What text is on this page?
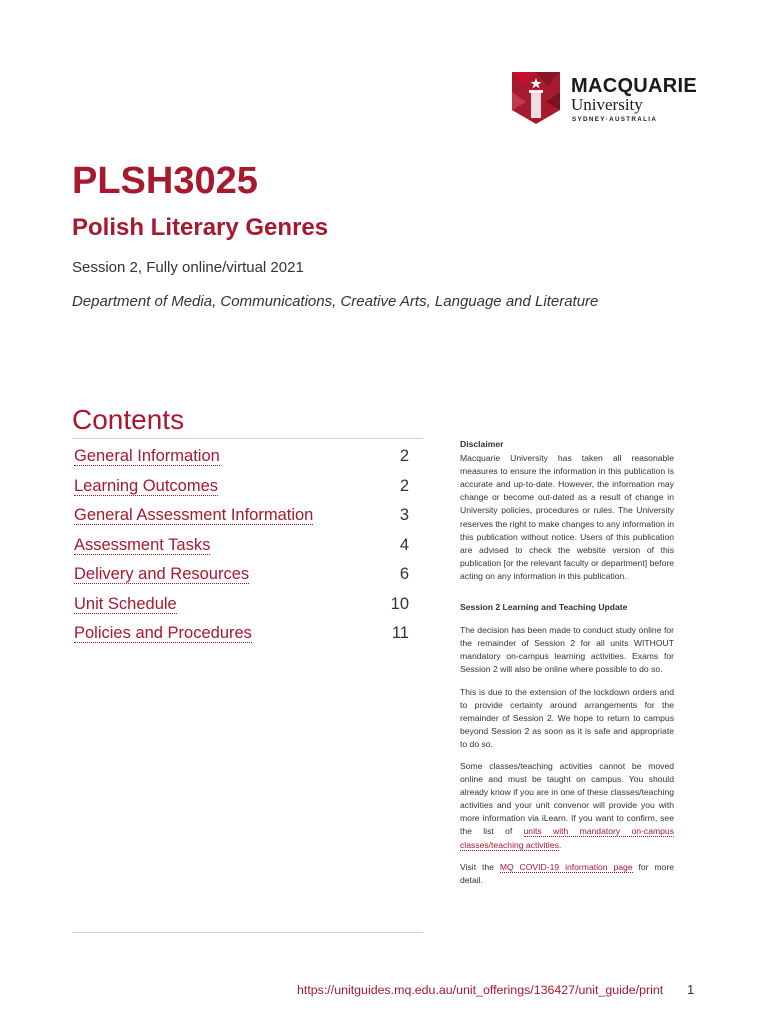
MACQUARIE
University
SYDNEY·AUSTRALIA
PLSH3025
Polish Literary Genres
Session 2, Fully online/virtual 2021
Department of Media, Communications, Creative Arts, Language and Literature
Contents
General Information	2
Learning Outcomes	2
General Assessment Information	3
Assessment Tasks	4
Delivery and Resources	6
Unit Schedule	10
Policies and Procedures	11
Disclaimer

Macquarie University has taken all reasonable measures to ensure the information in this publication is accurate and up-to-date. However, the information may change or become out-dated as a result of change in University policies, procedures or rules. The University reserves the right to make changes to any information in this publication without notice. Users of this publication are advised to check the website version of this publication [or the relevant faculty or department] before acting on any information in this publication.

Session 2 Learning and Teaching Update

The decision has been made to conduct study online for the remainder of Session 2 for all units WITHOUT mandatory on-campus learning activities. Exams for Session 2 will also be online where possible to do so.

This is due to the extension of the lockdown orders and to provide certainty around arrangements for the remainder of Session 2. We hope to return to campus beyond Session 2 as soon as it is safe and appropriate to do so.

Some classes/teaching activities cannot be moved online and must be taught on campus. You should already know if you are in one of these classes/teaching activities and your unit convenor will provide you with more information via iLearn. If you want to confirm, see the list of units with mandatory on-campus classes/teaching activities.

Visit the MQ COVID-19 information page for more detail.

https://unitguides.mq.edu.au/unit_offerings/136427/unit_guide/print 1
